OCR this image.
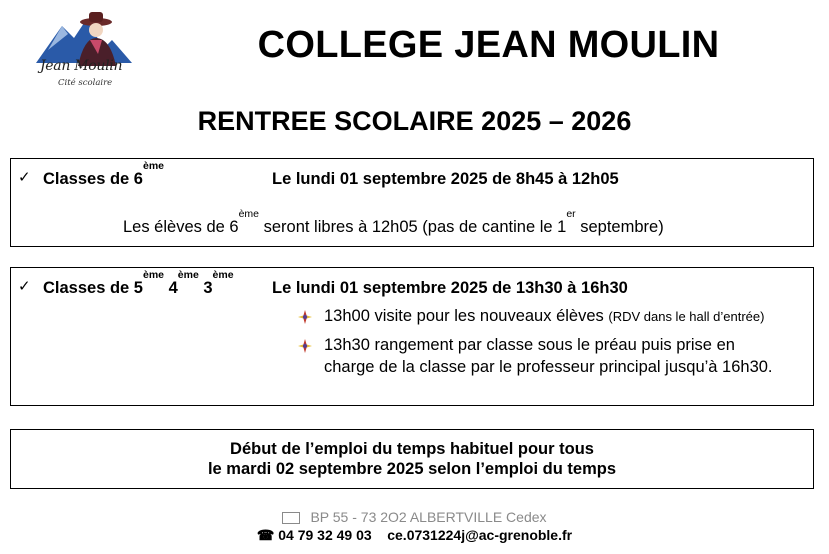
Jean Moulin
Cité scolaire
COLLEGE JEAN MOULIN
RENTREE SCOLAIRE 2025 – 2026
✓ Classes de 6ème
Le lundi 01 septembre 2025 de 8h45 à 12h05
Les élèves de 6ème seront libres à 12h05 (pas de cantine le 1er septembre)
✓ Classes de 5ème 4ème 3ème
Le lundi 01 septembre 2025 de 13h30 à 16h30
13h00 visite pour les nouveaux élèves (RDV dans le hall d’entrée)
13h30 rangement par classe sous le préau puis prise en
charge de la classe par le professeur principal jusqu’à 16h30.
Début de l’emploi du temps habituel pour tous
le mardi 02 septembre 2025 selon l’emploi du temps
BP 55 - 73 2O2 ALBERTVILLE Cedex
☎ 04 79 32 49 03 ce.0731224j@ac-grenoble.fr
